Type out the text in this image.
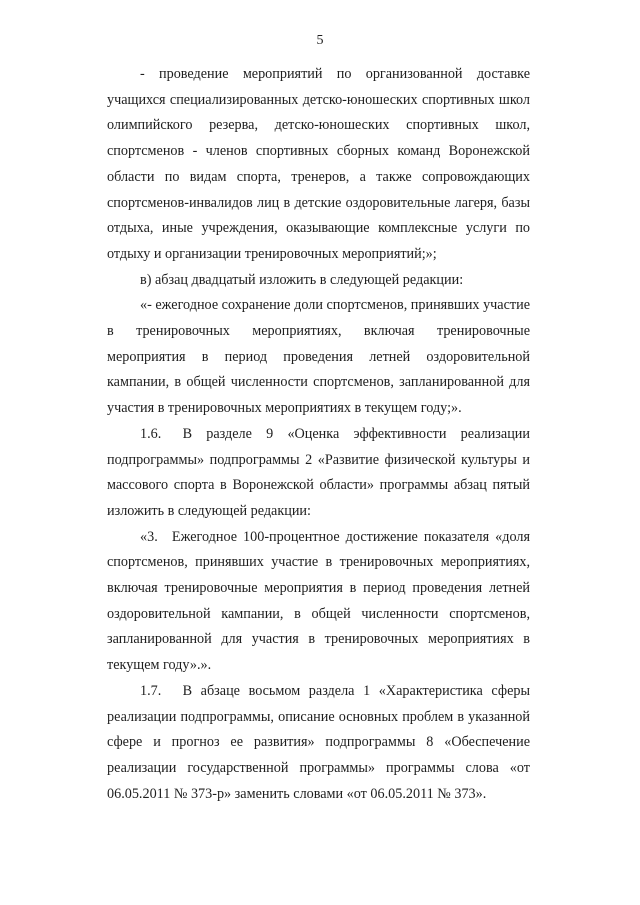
5

- проведение мероприятий по организованной доставке учащихся специализированных детско-юношеских спортивных школ олимпийского резерва, детско-юношеских спортивных школ, спортсменов - членов спортивных сборных команд Воронежской области по видам спорта, тренеров, а также сопровождающих спортсменов-инвалидов лиц в детские оздоровительные лагеря, базы отдыха, иные учреждения, оказывающие комплексные услуги по отдыху и организации тренировочных мероприятий;»;

в) абзац двадцатый изложить в следующей редакции:

«- ежегодное сохранение доли спортсменов, принявших участие в тренировочных мероприятиях, включая тренировочные мероприятия в период проведения летней оздоровительной кампании, в общей численности спортсменов, запланированной для участия в тренировочных мероприятиях в текущем году;».

1.6.  В разделе 9 «Оценка эффективности реализации подпрограммы» подпрограммы 2 «Развитие физической культуры и массового спорта в Воронежской области» программы абзац пятый изложить в следующей редакции:

«3. Ежегодное 100-процентное достижение показателя «доля спортсменов, принявших участие в тренировочных мероприятиях, включая тренировочные мероприятия в период проведения летней оздоровительной кампании, в общей численности спортсменов, запланированной для участия в тренировочных мероприятиях в текущем году».».

1.7.  В абзаце восьмом раздела 1 «Характеристика сферы реализации подпрограммы, описание основных проблем в указанной сфере и прогноз ее развития» подпрограммы 8 «Обеспечение реализации государственной программы» программы слова «от 06.05.2011 № 373-р» заменить словами «от 06.05.2011 № 373».
